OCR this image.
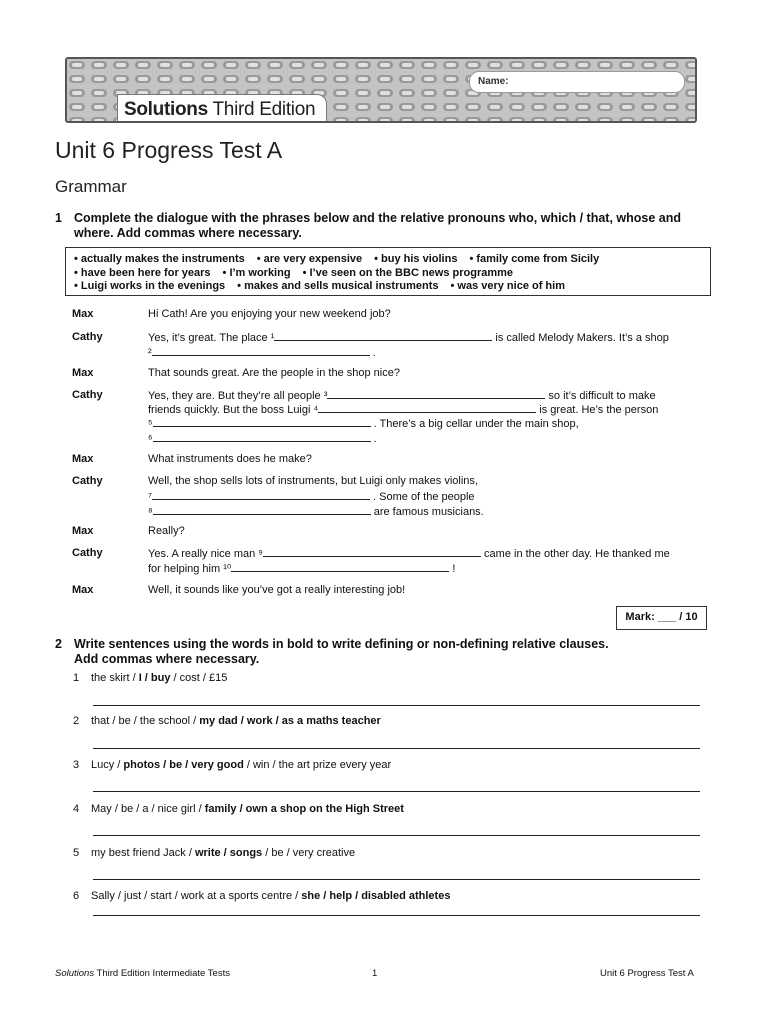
Name:
Solutions Third Edition
Unit 6 Progress Test A
Grammar
1 Complete the dialogue with the phrases below and the relative pronouns who, which / that, whose and
where. Add commas where necessary.
• actually makes the instruments • are very expensive • buy his violins • family come from Sicily
• have been here for years • I’m working • I’ve seen on the BBC news programme
• Luigi works in the evenings • makes and sells musical instruments • was very nice of him
Max	Hi Cath! Are you enjoying your new weekend job?
Cathy	Yes, it’s great. The place ¹	is called Melody Makers. It’s a shop
²	.
Max	That sounds great. Are the people in the shop nice?
Cathy	Yes, they are. But they’re all people ³	so it’s difficult to make
friends quickly. But the boss Luigi ⁴	is great. He’s the person
⁵	. There’s a big cellar under the main shop,
⁶	.
Max	What instruments does he make?
Cathy	Well, the shop sells lots of instruments, but Luigi only makes violins,
⁷	. Some of the people
⁸	are famous musicians.
Max	Really?
Cathy	Yes. A really nice man ⁹	came in the other day. He thanked me
for helping him ¹⁰	!
Max	Well, it sounds like you’ve got a really interesting job!
Mark: ___ / 10
2 Write sentences using the words in bold to write defining or non-defining relative clauses.
Add commas where necessary.
1 the skirt / I / buy / cost / £15
2 that / be / the school / my dad / work / as a maths teacher
3 Lucy / photos / be / very good / win / the art prize every year
4 May / be / a / nice girl / family / own a shop on the High Street
5 my best friend Jack / write / songs / be / very creative
6 Sally / just / start / work at a sports centre / she / help / disabled athletes
Solutions Third Edition Intermediate Tests	1	Unit 6 Progress Test A
